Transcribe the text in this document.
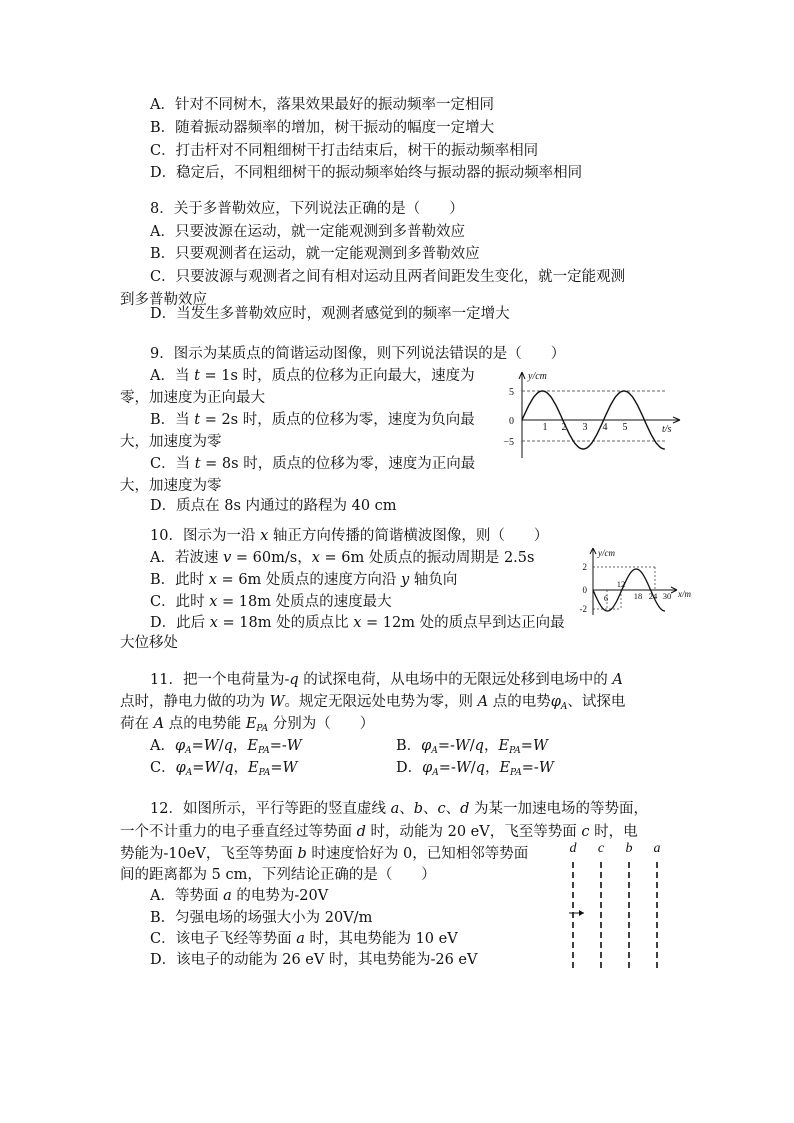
A．针对不同树木，落果效果最好的振动频率一定相同
B．随着振动器频率的增加，树干振动的幅度一定增大
C．打击杆对不同粗细树干打击结束后，树干的振动频率相同
D．稳定后，不同粗细树干的振动频率始终与振动器的振动频率相同
8．关于多普勒效应，下列说法正确的是（　　）
A．只要波源在运动，就一定能观测到多普勒效应
B．只要观测者在运动，就一定能观测到多普勒效应
C．只要波源与观测者之间有相对运动且两者间距发生变化，就一定能观测
到多普勒效应
D．当发生多普勒效应时，观测者感觉到的频率一定增大
9．图示为某质点的简谐运动图像，则下列说法错误的是（　　）
A．当 t = 1s 时，质点的位移为正向最大，速度为
零，加速度为正向最大
B．当 t = 2s 时，质点的位移为零，速度为负向最
大，加速度为零
C．当 t = 8s 时，质点的位移为零，速度为正向最
大，加速度为零
D．质点在 8s 内通过的路程为 40 cm
y/cm
t/s
5
0
−5
1 2 3 4 5
10．图示为一沿 x 轴正方向传播的简谐横波图像，则（　　）
A．若波速 v = 60m/s，x = 6m 处质点的振动周期是 2.5s
B．此时 x = 6m 处质点的速度方向沿 y 轴负向
C．此时 x = 18m 处质点的速度最大
D．此后 x = 18m 处的质点比 x = 12m 处的质点早到达正向最
大位移处
y/cm
x/m
2
0
-2
6
12
18 24 30
11．把一个电荷量为-q 的试探电荷，从电场中的无限远处移到电场中的 A
点时，静电力做的功为 W。规定无限远处电势为零，则 A 点的电势$\varphi_A$、试探电
荷在 A 点的电势能 $E_{PA}$ 分别为（　　）
A．$\varphi_A=W/q$，$E_{PA}=-W$	B．$\varphi_A=-W/q$，$E_{PA}=W$
C．$\varphi_A=W/q$，$E_{PA}=W$	D．$\varphi_A=-W/q$，$E_{PA}=-W$
12．如图所示，平行等距的竖直虚线 a、b、c、d 为某一加速电场的等势面，
一个不计重力的电子垂直经过等势面 d 时，动能为 20 eV，飞至等势面 c 时，电
势能为-10eV，飞至等势面 b 时速度恰好为 0，已知相邻等势面
间的距离都为 5 cm，下列结论正确的是（　　）
A．等势面 a 的电势为-20V
B．匀强电场的场强大小为 20V/m
C．该电子飞经等势面 a 时，其电势能为 10 eV
D．该电子的动能为 26 eV 时，其电势能为-26 eV
d c b a
